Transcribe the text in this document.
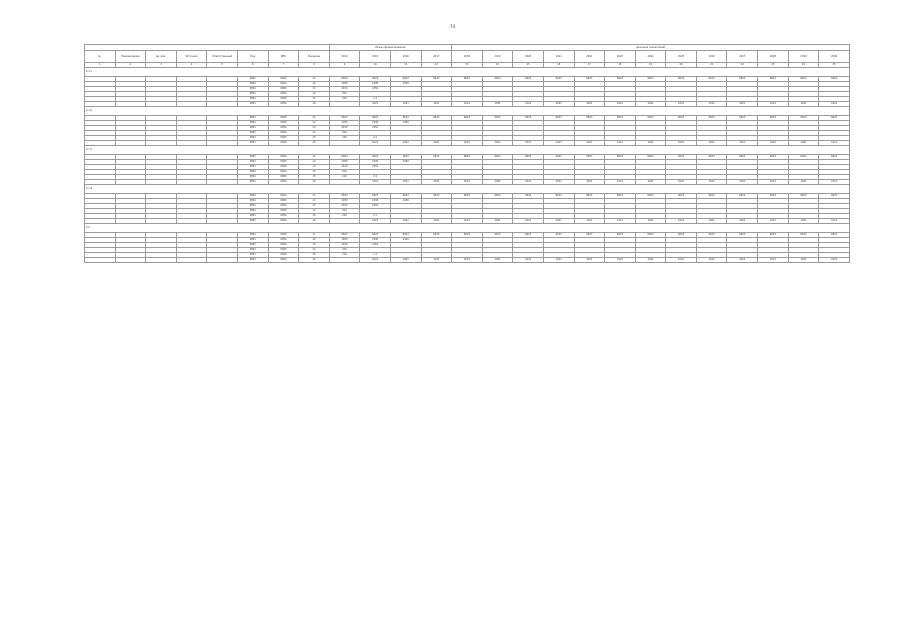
74
								Объем финансирования				Значения показателей												
№	Наименование	ед. изм.	Источник	Ответственный	Код	КБК	Значение	2014	2015	2016	2017	2018	2019	2020	2021	2022	2023	2024	2025	2026	2027	2028	2029	2030
1	2	3	4	5	6	7	8	9	10	11	12	13	14	15	16	17	18	19	20	21	22	23	24	25
2.1.1																								
					0801	0000	11	6623	6623	6623	6623	6623	6623	6623	6623	6623	6623	6623	6623	6623	6623	6623	6623	6623
					0801	0000	12	1930	1930	1930														
					0801	0000	13	2152	2152															
					0801	0000	14	912																
					0801	0000	15	210	2.1															
					0801	0000	16		1021	1021	1021	1021	1021	1021	1021	1021	1021	1021	1021	1021	1021	1021	1021	1021
2.1.2																								
					0801	0000	11	6623	6623	6623	6623	6623	6623	6623	6623	6623	6623	6623	6623	6623	6623	6623	6623	6623
					0801	0000	12	1930	1930	1930														
					0801	0000	13	2152	2152															
					0801	0000	14	912																
					0801	0000	15	210	2.1															
					0801	0000	16		1021	1021	1021	1021	1021	1021	1021	1021	1021	1021	1021	1021	1021	1021	1021	1021
2.1.3																								
					0801	0000	11	6623	6623	6623	6623	6623	6623	6623	6623	6623	6623	6623	6623	6623	6623	6623	6623	6623
					0801	0000	12	1930	1930	1930														
					0801	0000	13	2152	2152															
					0801	0000	14	912																
					0801	0000	15	210	2.1															
					0801	0000	16		1021	1021	1021	1021	1021	1021	1021	1021	1021	1021	1021	1021	1021	1021	1021	1021
2.1.4																								
					0801	0000	11	6623	6623	6623	6623	6623	6623	6623	6623	6623	6623	6623	6623	6623	6623	6623	6623	6623
					0801	0000	12	1930	1930	1930														
					0801	0000	13	2152	2152															
					0801	0000	14	912																
					0801	0000	15	210	2.1															
					0801	0000	16		1021	1021	1021	1021	1021	1021	1021	1021	1021	1021	1021	1021	1021	1021	1021	1021
2.2																								
					0801	0000	11	6623	6623	6623	6623	6623	6623	6623	6623	6623	6623	6623	6623	6623	6623	6623	6623	6623
					0801	0000	12	1930	1930	1930														
					0801	0000	13	2152	2152															
					0801	0000	14	912																
					0801	0000	15	210	2.1															
					0801	0000	16		1021	1021	1021	1021	1021	1021	1021	1021	1021	1021	1021	1021	1021	1021	1021	1021
